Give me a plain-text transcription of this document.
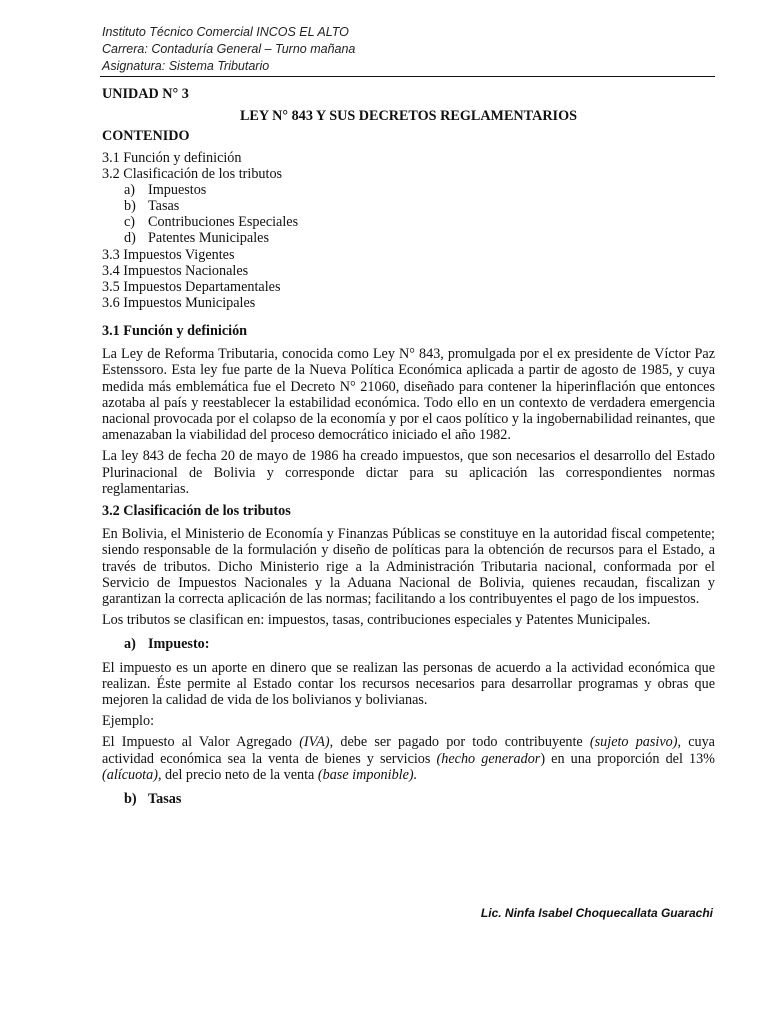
Instituto Técnico Comercial INCOS EL ALTO
Carrera: Contaduría General – Turno mañana
Asignatura: Sistema Tributario
UNIDAD N° 3
LEY N° 843 Y SUS DECRETOS REGLAMENTARIOS
CONTENIDO
3.1 Función y definición
3.2 Clasificación de los tributos
a) Impuestos
b) Tasas
c) Contribuciones Especiales
d) Patentes Municipales
3.3 Impuestos Vigentes
3.4 Impuestos Nacionales
3.5 Impuestos Departamentales
3.6 Impuestos Municipales
3.1 Función y definición

La Ley de Reforma Tributaria, conocida como Ley N° 843, promulgada por el ex presidente de Víctor Paz Estenssoro. Esta ley fue parte de la Nueva Política Económica aplicada a partir de agosto de 1985, y cuya medida más emblemática fue el Decreto N° 21060, diseñado para contener la hiperinflación que entonces azotaba al país y reestablecer la estabilidad económica. Todo ello en un contexto de verdadera emergencia nacional provocada por el colapso de la economía y por el caos político y la ingobernabilidad reinantes, que amenazaban la viabilidad del proceso democrático iniciado el año 1982.

La ley 843 de fecha 20 de mayo de 1986 ha creado impuestos, que son necesarios el desarrollo del Estado Plurinacional de Bolivia y corresponde dictar para su aplicación las correspondientes normas reglamentarias.

3.2 Clasificación de los tributos

En Bolivia, el Ministerio de Economía y Finanzas Públicas se constituye en la autoridad fiscal competente; siendo responsable de la formulación y diseño de políticas para la obtención de recursos para el Estado, a través de tributos. Dicho Ministerio rige a la Administración Tributaria nacional, conformada por el Servicio de Impuestos Nacionales y la Aduana Nacional de Bolivia, quienes recaudan, fiscalizan y garantizan la correcta aplicación de las normas; facilitando a los contribuyentes el pago de los impuestos.

Los tributos se clasifican en: impuestos, tasas, contribuciones especiales y Patentes Municipales.

a) Impuesto:

El impuesto es un aporte en dinero que se realizan las personas de acuerdo a la actividad económica que realizan. Éste permite al Estado contar los recursos necesarios para desarrollar programas y obras que mejoren la calidad de vida de los bolivianos y bolivianas.

Ejemplo:

El Impuesto al Valor Agregado (IVA), debe ser pagado por todo contribuyente (sujeto pasivo), cuya actividad económica sea la venta de bienes y servicios (hecho generador) en una proporción del 13% (alícuota), del precio neto de la venta (base imponible).

b) Tasas
Lic. Ninfa Isabel Choquecallata Guarachi
